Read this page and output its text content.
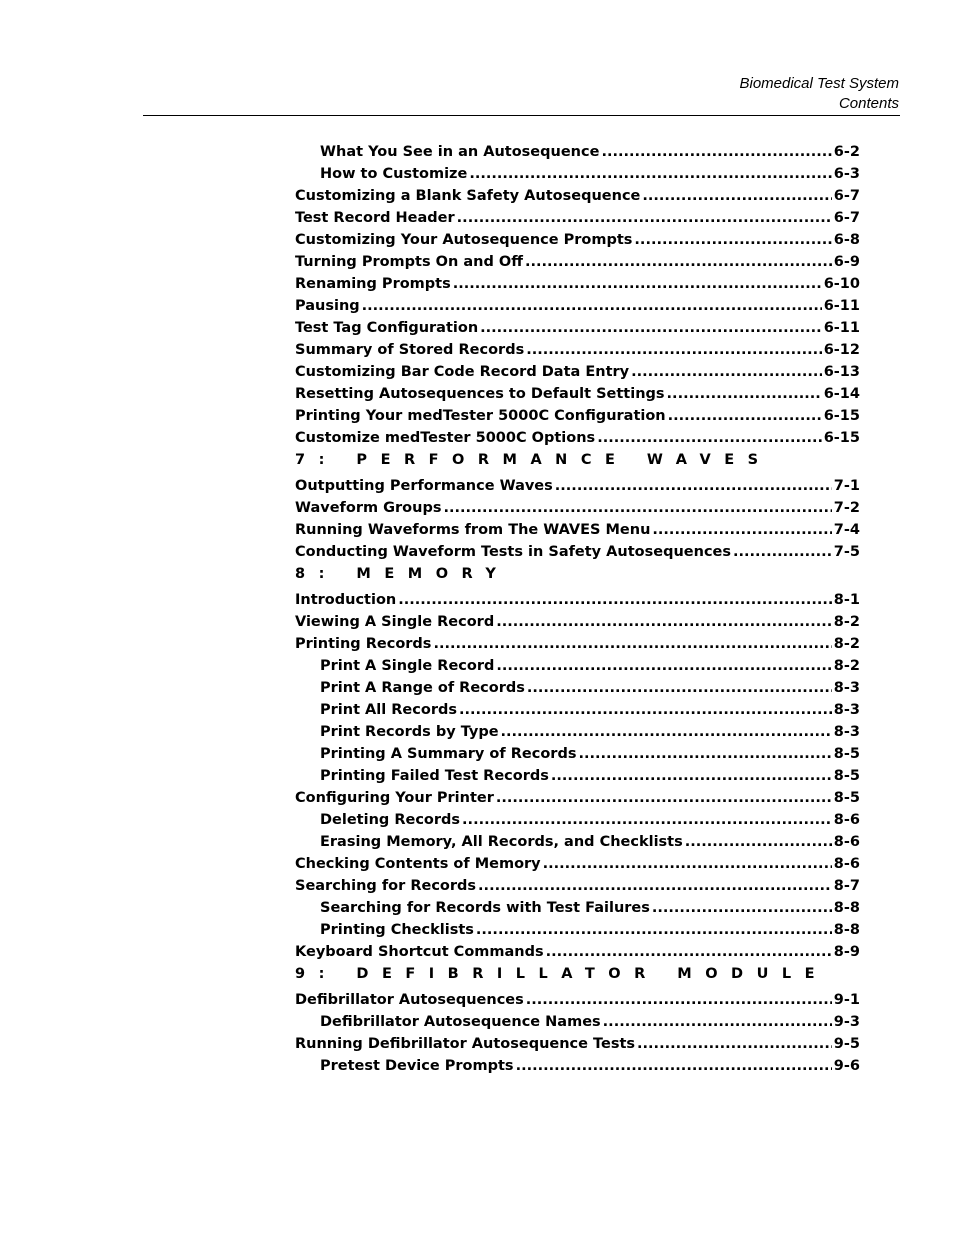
Biomedical Test System
Contents
What You See in an Autosequence .....	6-2
How to Customize .....	6-3
Customizing a Blank Safety Autosequence .....	6-7
Test Record Header .....	6-7
Customizing Your Autosequence Prompts .....	6-8
Turning Prompts On and Off .....	6-9
Renaming Prompts .....	6-10
Pausing .....	6-11
Test Tag Configuration .....	6-11
Summary of Stored Records .....	6-12
Customizing Bar Code Record Data Entry .....	6-13
Resetting Autosequences to Default Settings .....	6-14
Printing Your medTester 5000C Configuration .....	6-15
Customize medTester 5000C Options .....	6-15
7: PERFORMANCE WAVES
Outputting Performance Waves .....	7-1
Waveform Groups .....	7-2
Running Waveforms from The WAVES Menu .....	7-4
Conducting Waveform Tests in Safety Autosequences .....	7-5
8: MEMORY
Introduction .....	8-1
Viewing A Single Record .....	8-2
Printing Records .....	8-2
Print A Single Record .....	8-2
Print A Range of Records .....	8-3
Print All Records .....	8-3
Print Records by Type .....	8-3
Printing A Summary of Records .....	8-5
Printing Failed Test Records .....	8-5
Configuring Your Printer .....	8-5
Deleting Records .....	8-6
Erasing Memory, All Records, and Checklists .....	8-6
Checking Contents of Memory .....	8-6
Searching for Records .....	8-7
Searching for Records with Test Failures .....	8-8
Printing Checklists .....	8-8
Keyboard Shortcut Commands .....	8-9
9: DEFIBRILLATOR MODULE
Defibrillator Autosequences .....	9-1
Defibrillator Autosequence Names .....	9-3
Running Defibrillator Autosequence Tests .....	9-5
Pretest Device Prompts .....	9-6
